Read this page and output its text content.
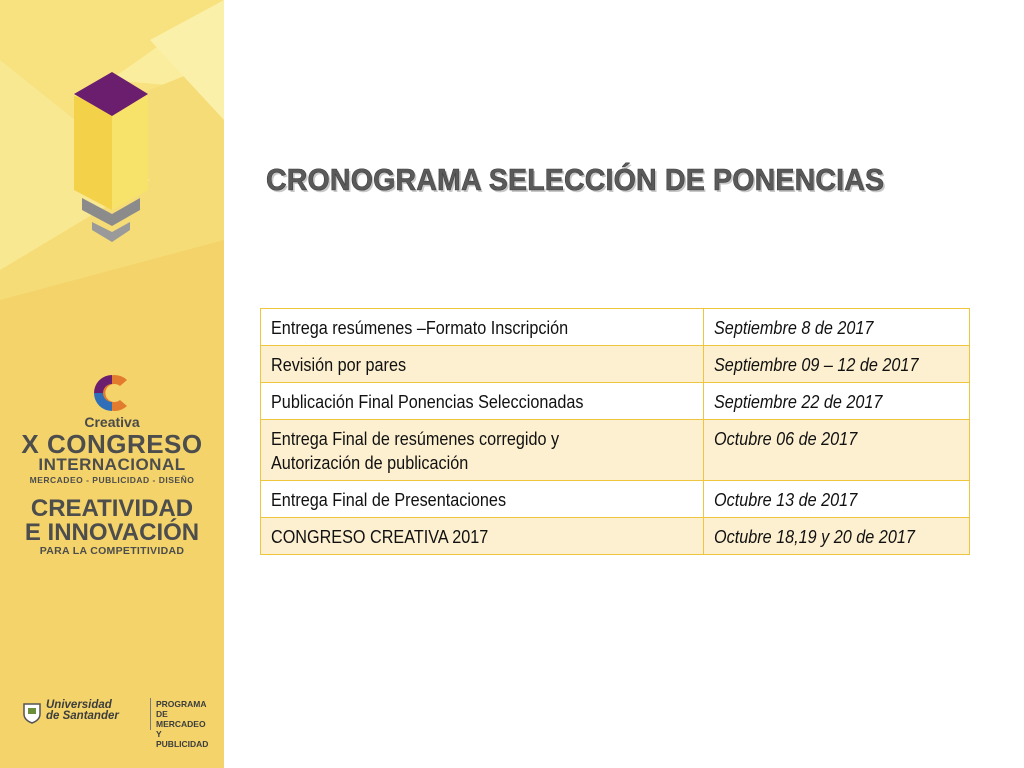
Creativa
X CONGRESO
INTERNACIONAL
MERCADEO - PUBLICIDAD - DISEÑO
CREATIVIDAD
E INNOVACIÓN
PARA LA COMPETITIVIDAD
Universidad
de Santander
PROGRAMA DE
MERCADEO Y
PUBLICIDAD
CRONOGRAMA SELECCIÓN DE PONENCIAS
Entrega resúmenes –Formato Inscripción	Septiembre 8 de 2017
Revisión por pares	Septiembre 09 – 12 de 2017
Publicación Final Ponencias Seleccionadas	Septiembre 22 de 2017
Entrega Final de resúmenes corregido y
Autorización de publicación	Octubre 06 de 2017
Entrega Final de Presentaciones	Octubre 13 de 2017
CONGRESO CREATIVA 2017	Octubre 18,19 y 20 de 2017
